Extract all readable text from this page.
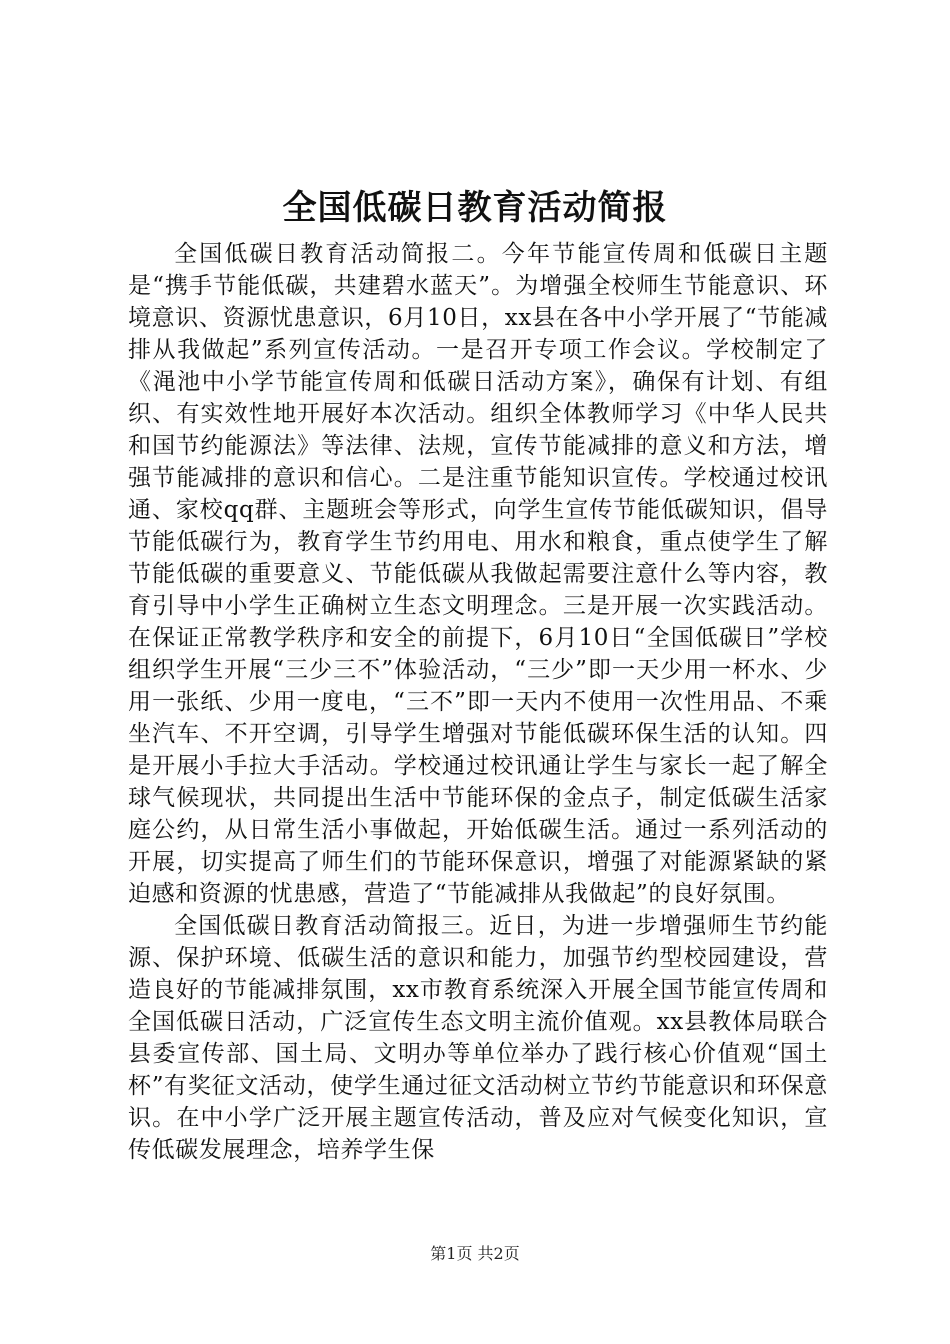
全国低碳日教育活动简报

全国低碳日教育活动简报二。今年节能宣传周和低碳日主题是“携手节能低碳，共建碧水蓝天”。为增强全校师生节能意识、环境意识、资源忧患意识，6月10日，xx县在各中小学开展了“节能减排从我做起”系列宣传活动。一是召开专项工作会议。学校制定了《渑池中小学节能宣传周和低碳日活动方案》，确保有计划、有组织、有实效性地开展好本次活动。组织全体教师学习《中华人民共和国节约能源法》等法律、法规，宣传节能减排的意义和方法，增强节能减排的意识和信心。二是注重节能知识宣传。学校通过校讯通、家校qq群、主题班会等形式，向学生宣传节能低碳知识，倡导节能低碳行为，教育学生节约用电、用水和粮食，重点使学生了解节能低碳的重要意义、节能低碳从我做起需要注意什么等内容，教育引导中小学生正确树立生态文明理念。三是开展一次实践活动。在保证正常教学秩序和安全的前提下，6月10日“全国低碳日”学校组织学生开展“三少三不”体验活动，“三少”即一天少用一杯水、少用一张纸、少用一度电，“三不”即一天内不使用一次性用品、不乘坐汽车、不开空调，引导学生增强对节能低碳环保生活的认知。四是开展小手拉大手活动。学校通过校讯通让学生与家长一起了解全球气候现状，共同提出生活中节能环保的金点子，制定低碳生活家庭公约，从日常生活小事做起，开始低碳生活。通过一系列活动的开展，切实提高了师生们的节能环保意识，增强了对能源紧缺的紧迫感和资源的忧患感，营造了“节能减排从我做起”的良好氛围。

全国低碳日教育活动简报三。近日，为进一步增强师生节约能源、保护环境、低碳生活的意识和能力，加强节约型校园建设，营造良好的节能减排氛围，xx市教育系统深入开展全国节能宣传周和全国低碳日活动，广泛宣传生态文明主流价值观。xx县教体局联合县委宣传部、国土局、文明办等单位举办了践行核心价值观“国土杯”有奖征文活动，使学生通过征文活动树立节约节能意识和环保意识。在中小学广泛开展主题宣传活动，普及应对气候变化知识，宣传低碳发展理念，培养学生保

第1页 共2页
